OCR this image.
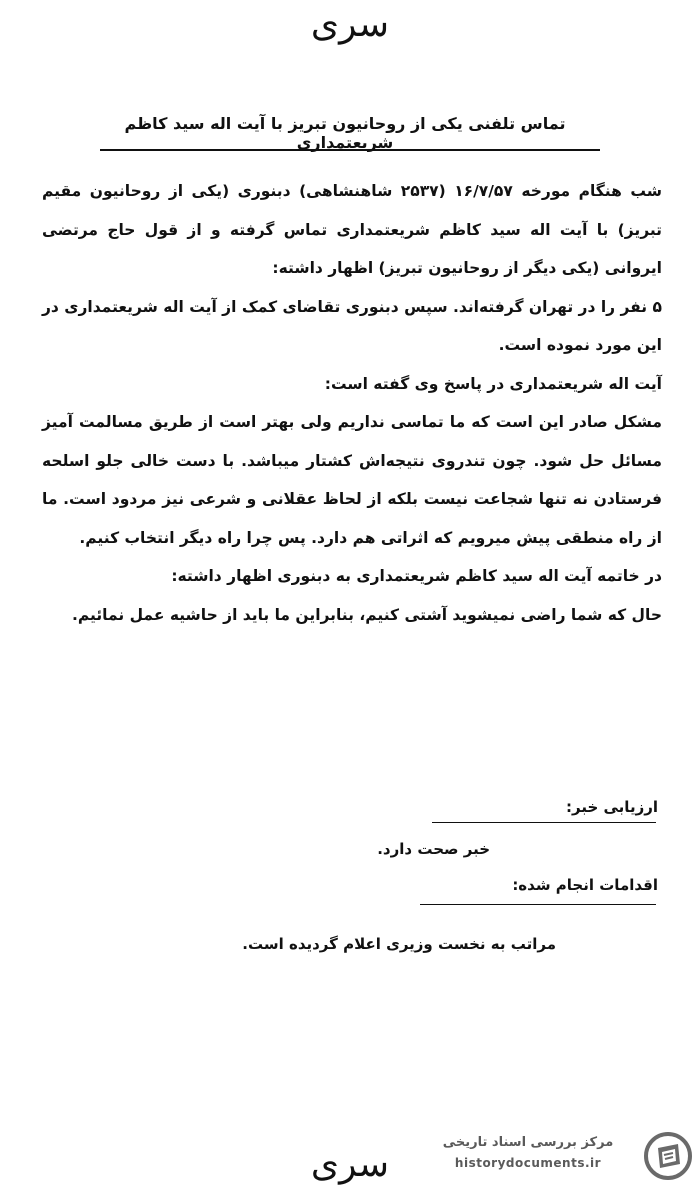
سری
تماس تلفنی یکی از روحانیون تبریز با آیت اله سید کاظم شریعتمداری

شب هنگام مورخه ۱۶/۷/۵۷ (۲۵۳۷ شاهنشاهی) دبنوری (یکی از روحانیون مقیم تبریز) با آیت اله سید کاظم شریعتمداری تماس گرفته و از قول حاج مرتضی ایروانی (یکی دیگر از روحانیون تبریز) اظهار داشته:

۵ نفر را در تهران گرفته‌اند. سپس دبنوری تقاضای کمک از آیت اله شریعتمداری در این مورد نموده است.

آیت اله شریعتمداری در پاسخ وی گفته است:

مشکل صادر این است که ما تماسی نداریم ولی بهتر است از طریق مسالمت آمیز مسائل حل شود. چون تندروی نتیجه‌اش کشتار میباشد. با دست خالی جلو اسلحه فرستادن نه تنها شجاعت نیست بلکه از لحاظ عقلانی و شرعی نیز مردود است. ما از راه منطقی پیش میرویم که اثراتی هم دارد. پس چرا راه دیگر انتخاب کنیم.

در خاتمه آیت اله سید کاظم شریعتمداری به دبنوری اظهار داشته:

حال که شما راضی نمیشوید آشتی کنیم، بنابراین ما باید از حاشیه عمل نمائیم.

ارزیابی خبر:
خبر صحت دارد.
اقدامات انجام شده:
مراتب به نخست وزیری اعلام گردیده است.
سری
مرکز بررسی اسناد تاریخی
historydocuments.ir
